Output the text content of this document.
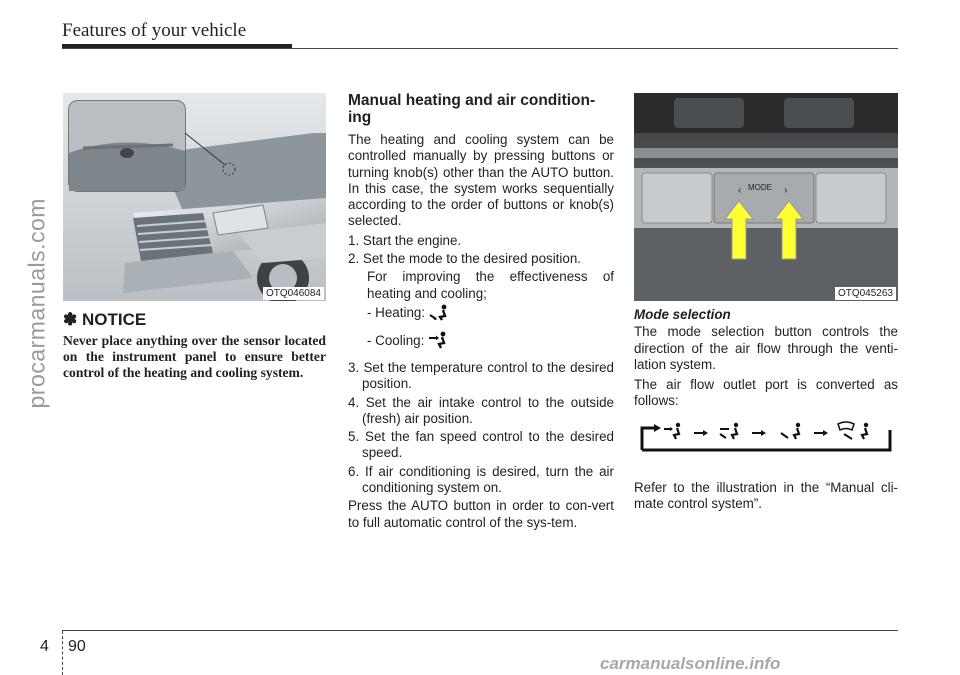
Features of your vehicle
procarmanuals.com	OTQ046084
✽ NOTICE
Never place anything over the sensor located on the instrument panel to ensure better control of the heating and cooling system.
Manual heating and air condition-ing

The heating and cooling system can be controlled manually by pressing buttons or turning knob(s) other than the AUTO button. In this case, the system works sequentially according to the order of buttons or knob(s) selected.

1. Start the engine.
2. Set the mode to the desired position.
For improving the effectiveness of heating and cooling;
- Heating:
- Cooling:
3. Set the temperature control to the desired position.
4. Set the air intake control to the outside (fresh) air position.
5. Set the fan speed control to the desired speed.
6. If air conditioning is desired, turn the air conditioning system on.

Press the AUTO button in order to con-vert to full automatic control of the sys-tem.

‹	›
MODE
OTQ045263
Mode selection

The mode selection button controls the direction of the air flow through the venti-lation system.

The air flow outlet port is converted as follows:

Refer to the illustration in the “Manual cli-mate control system”.

4 90
carmanualsonline.info
